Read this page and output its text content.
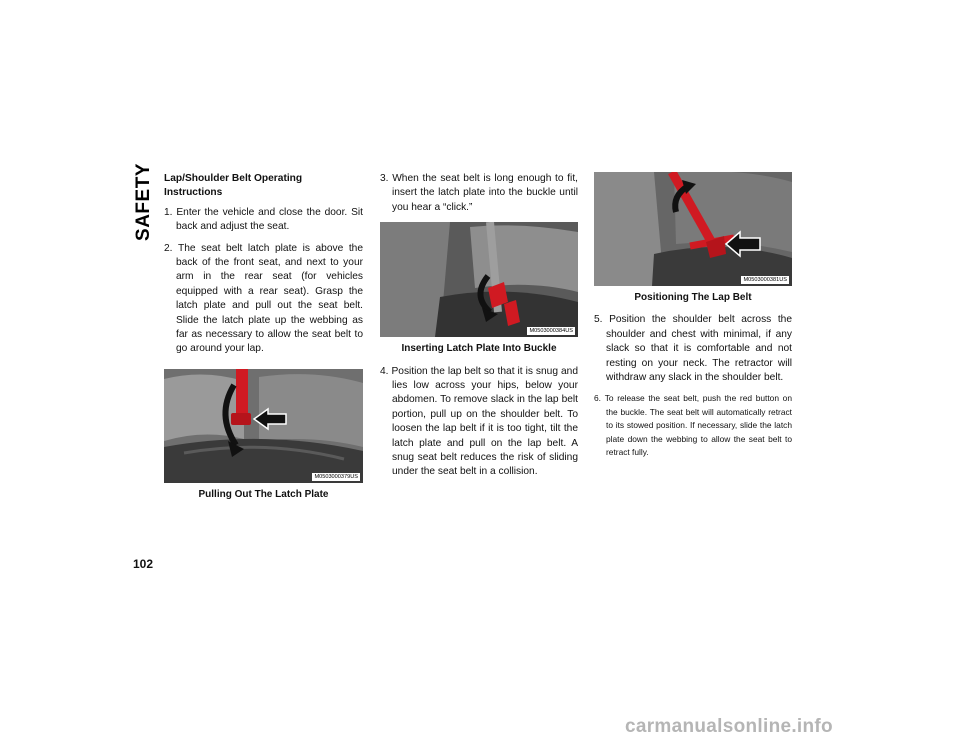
SAFETY Lap/Shoulder Belt Operating Instructions
1. Enter the vehicle and close the door. Sit back and adjust the seat.
2. The seat belt latch plate is above the back of the front seat, and next to your arm in the rear seat (for vehicles equipped with a rear seat). Grasp the latch plate and pull out the seat belt. Slide the latch plate up the webbing as far as necessary to allow the seat belt to go around your lap.
M0503000379US
Pulling Out The Latch Plate
3. When the seat belt is long enough to fit, insert the latch plate into the buckle until you hear a “click.”
M0503000384US
Inserting Latch Plate Into Buckle
4. Position the lap belt so that it is snug and lies low across your hips, below your abdomen. To remove slack in the lap belt portion, pull up on the shoulder belt. To loosen the lap belt if it is too tight, tilt the latch plate and pull on the lap belt. A snug seat belt reduces the risk of sliding under the seat belt in a collision.
M0503000381US
Positioning The Lap Belt
5. Position the shoulder belt across the shoulder and chest with minimal, if any slack so that it is comfortable and not resting on your neck. The retractor will withdraw any slack in the shoulder belt.
6. To release the seat belt, push the red button on the buckle. The seat belt will automatically retract to its stowed position. If necessary, slide the latch plate down the webbing to allow the seat belt to retract fully.
102
carmanualsonline.info
